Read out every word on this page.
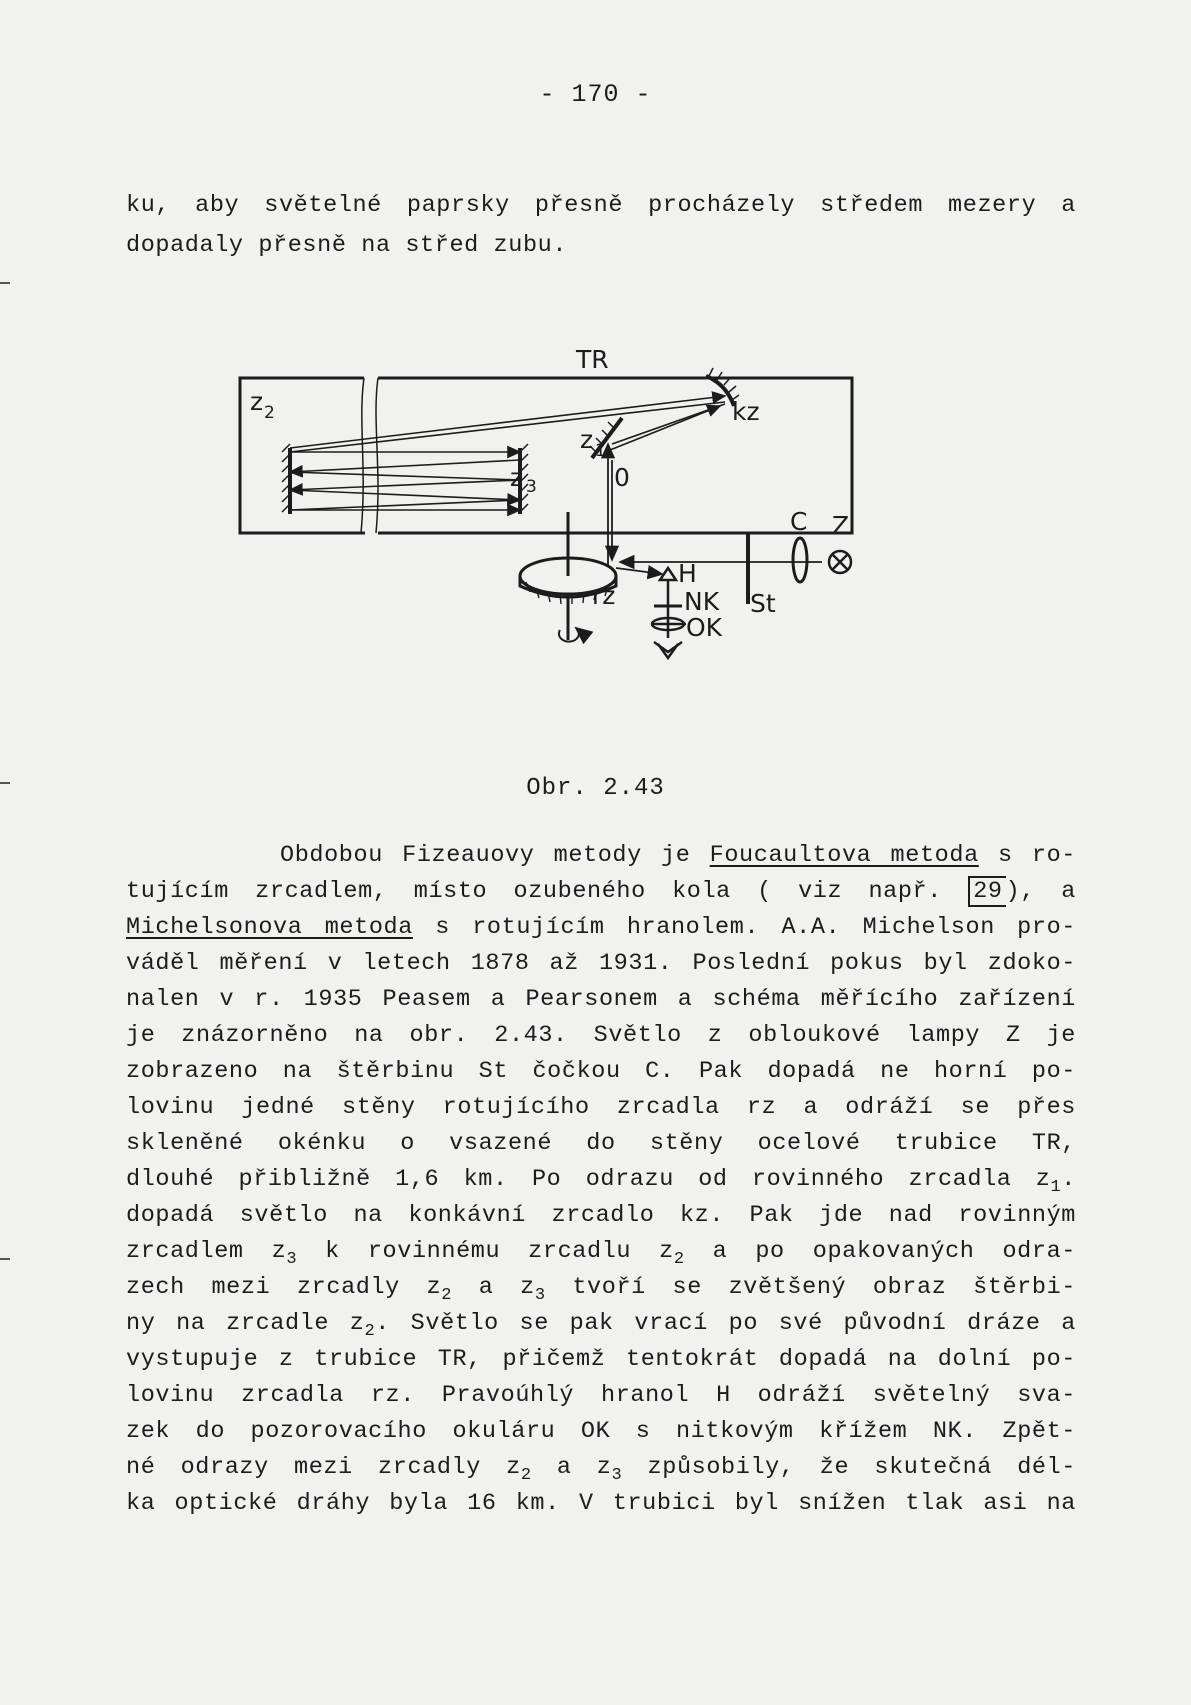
- 170 -
ku, aby světelné paprsky přesně procházely středem mezery a
dopadaly přesně na střed zubu.
TR
z 2
z 1
z 3
kz
0
C Z
H
NK
OK
St
rz
Obr. 2.43
Obdobou Fizeauovy metody je Foucaultova metoda s ro-
tujícím zrcadlem, místo ozubeného kola ( viz např. 29 ), a
Michelsonova metoda s rotujícím hranolem. A.A. Michelson pro-
váděl měření v letech 1878 až 1931. Poslední pokus byl zdoko-
nalen v r. 1935 Peasem a Pearsonem a schéma měřícího zařízení
je znázorněno na obr. 2.43. Světlo z obloukové lampy Z je
zobrazeno na štěrbinu St čočkou C. Pak dopadá ne horní po-
lovinu jedné stěny rotujícího zrcadla rz a odráží se přes
skleněné okénku o vsazené do stěny ocelové trubice TR,
dlouhé přibližně 1,6 km. Po odrazu od rovinného zrcadla $z_1$.
dopadá světlo na konkávní zrcadlo kz. Pak jde nad rovinným
zrcadlem $z_3$ k rovinnému zrcadlu $z_2$ a po opakovaných odra-
zech mezi zrcadly $z_2$ a $z_3$ tvoří se zvětšený obraz štěrbi-
ny na zrcadle $z_2$. Světlo se pak vrací po své původní dráze a
vystupuje z trubice TR, přičemž tentokrát dopadá na dolní po-
lovinu zrcadla rz. Pravoúhlý hranol H odráží světelný sva-
zek do pozorovacího okuláru OK s nitkovým křížem NK. Zpět-
né odrazy mezi zrcadly $z_2$ a $z_3$ způsobily, že skutečná dél-
ka optické dráhy byla 16 km. V trubici byl snížen tlak asi na
